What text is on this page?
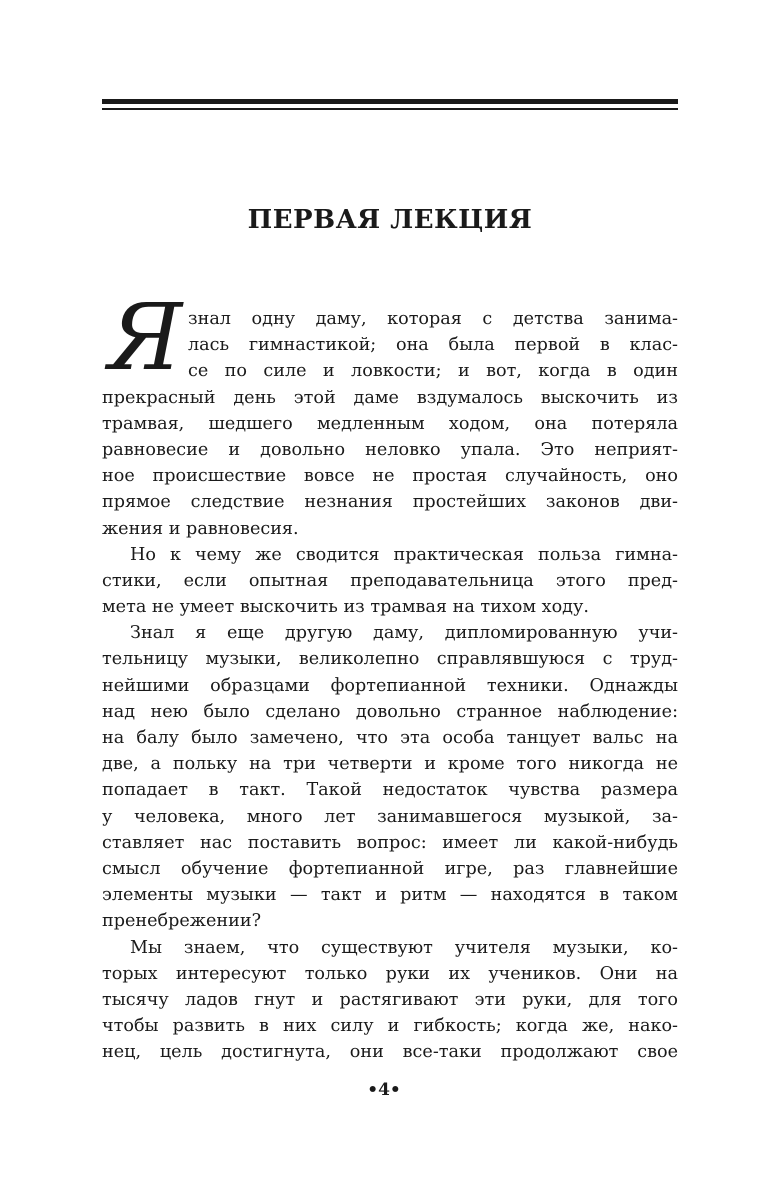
ПЕРВАЯ ЛЕКЦИЯ
Я знал одну даму, которая с детства занима-
лась гимнастикой; она была первой в клас-
се по силе и ловкости; и вот, когда в один
прекрасный день этой даме вздумалось выскочить из
трамвая, шедшего медленным ходом, она потеряла
равновесие и довольно неловко упала. Это неприят-
ное происшествие вовсе не простая случайность, оно
прямое следствие незнания простейших законов дви-
жения и равновесия.
Но к чему же сводится практическая польза гимна-
стики, если опытная преподавательница этого пред-
мета не умеет выскочить из трамвая на тихом ходу.
Знал я еще другую даму, дипломированную учи-
тельницу музыки, великолепно справлявшуюся с труд-
нейшими образцами фортепианной техники. Однажды
над нею было сделано довольно странное наблюдение:
на балу было замечено, что эта особа танцует вальс на
две, а польку на три четверти и кроме того никогда не
попадает в такт. Такой недостаток чувства размера
у человека, много лет занимавшегося музыкой, за-
ставляет нас поставить вопрос: имеет ли какой-нибудь
смысл обучение фортепианной игре, раз главнейшие
элементы музыки — такт и ритм — находятся в таком
пренебрежении?
Мы знаем, что существуют учителя музыки, ко-
торых интересуют только руки их учеников. Они на
тысячу ладов гнут и растягивают эти руки, для того
чтобы развить в них силу и гибкость; когда же, нако-
нец, цель достигнута, они все-таки продолжают свое
•4•
